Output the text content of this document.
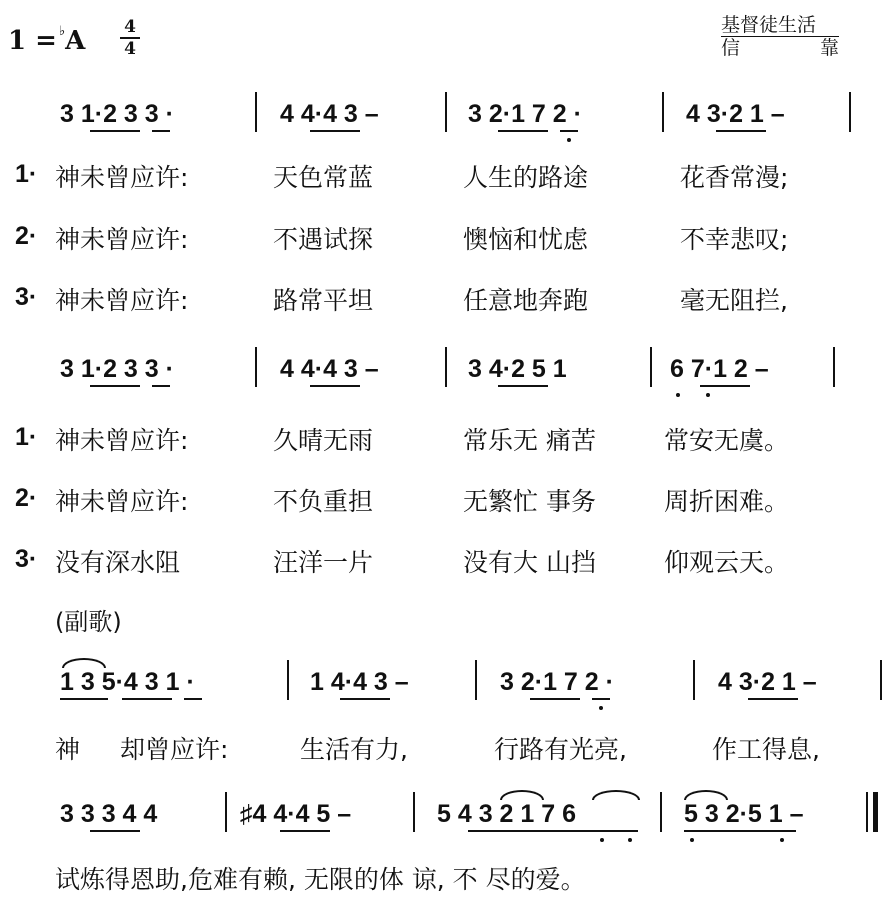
1 = ♭A 4
4
基督徒生活
信	靠
3 1·2 3 3 ·	4 4·4 3 –	3 2·1 7 2 ·	4 3·2 1 –
1· 神未曾应许:	天色常蓝	人生的路途	花香常漫;
2· 神未曾应许:	不遇试探	懊恼和忧虑	不幸悲叹;
3· 神未曾应许:	路常平坦	任意地奔跑	毫无阻拦,
3 1·2 3 3 ·	4 4·4 3 –	3 4·2 5 1	6 7·1 2 –
1· 神未曾应许:	久晴无雨	常乐无 痛苦	常安无虞。
2· 神未曾应许:	不负重担	无繁忙 事务	周折困难。
3· 没有深水阻	汪洋一片	没有大 山挡	仰观云天。
(副歌)
1 3 5·4 3 1 ·	1 4·4 3 –	3 2·1 7 2 ·	4 3·2 1 –
神 却曾应许:	生活有力,	行路有光亮,	作工得息,
3 3 3 4 4	♯4 4·4 5 –	5 4 3 2 1 7 6	5 3 2·5 1 –
试炼得恩助,危难有赖, 无限的体 谅, 不 尽的爱。
